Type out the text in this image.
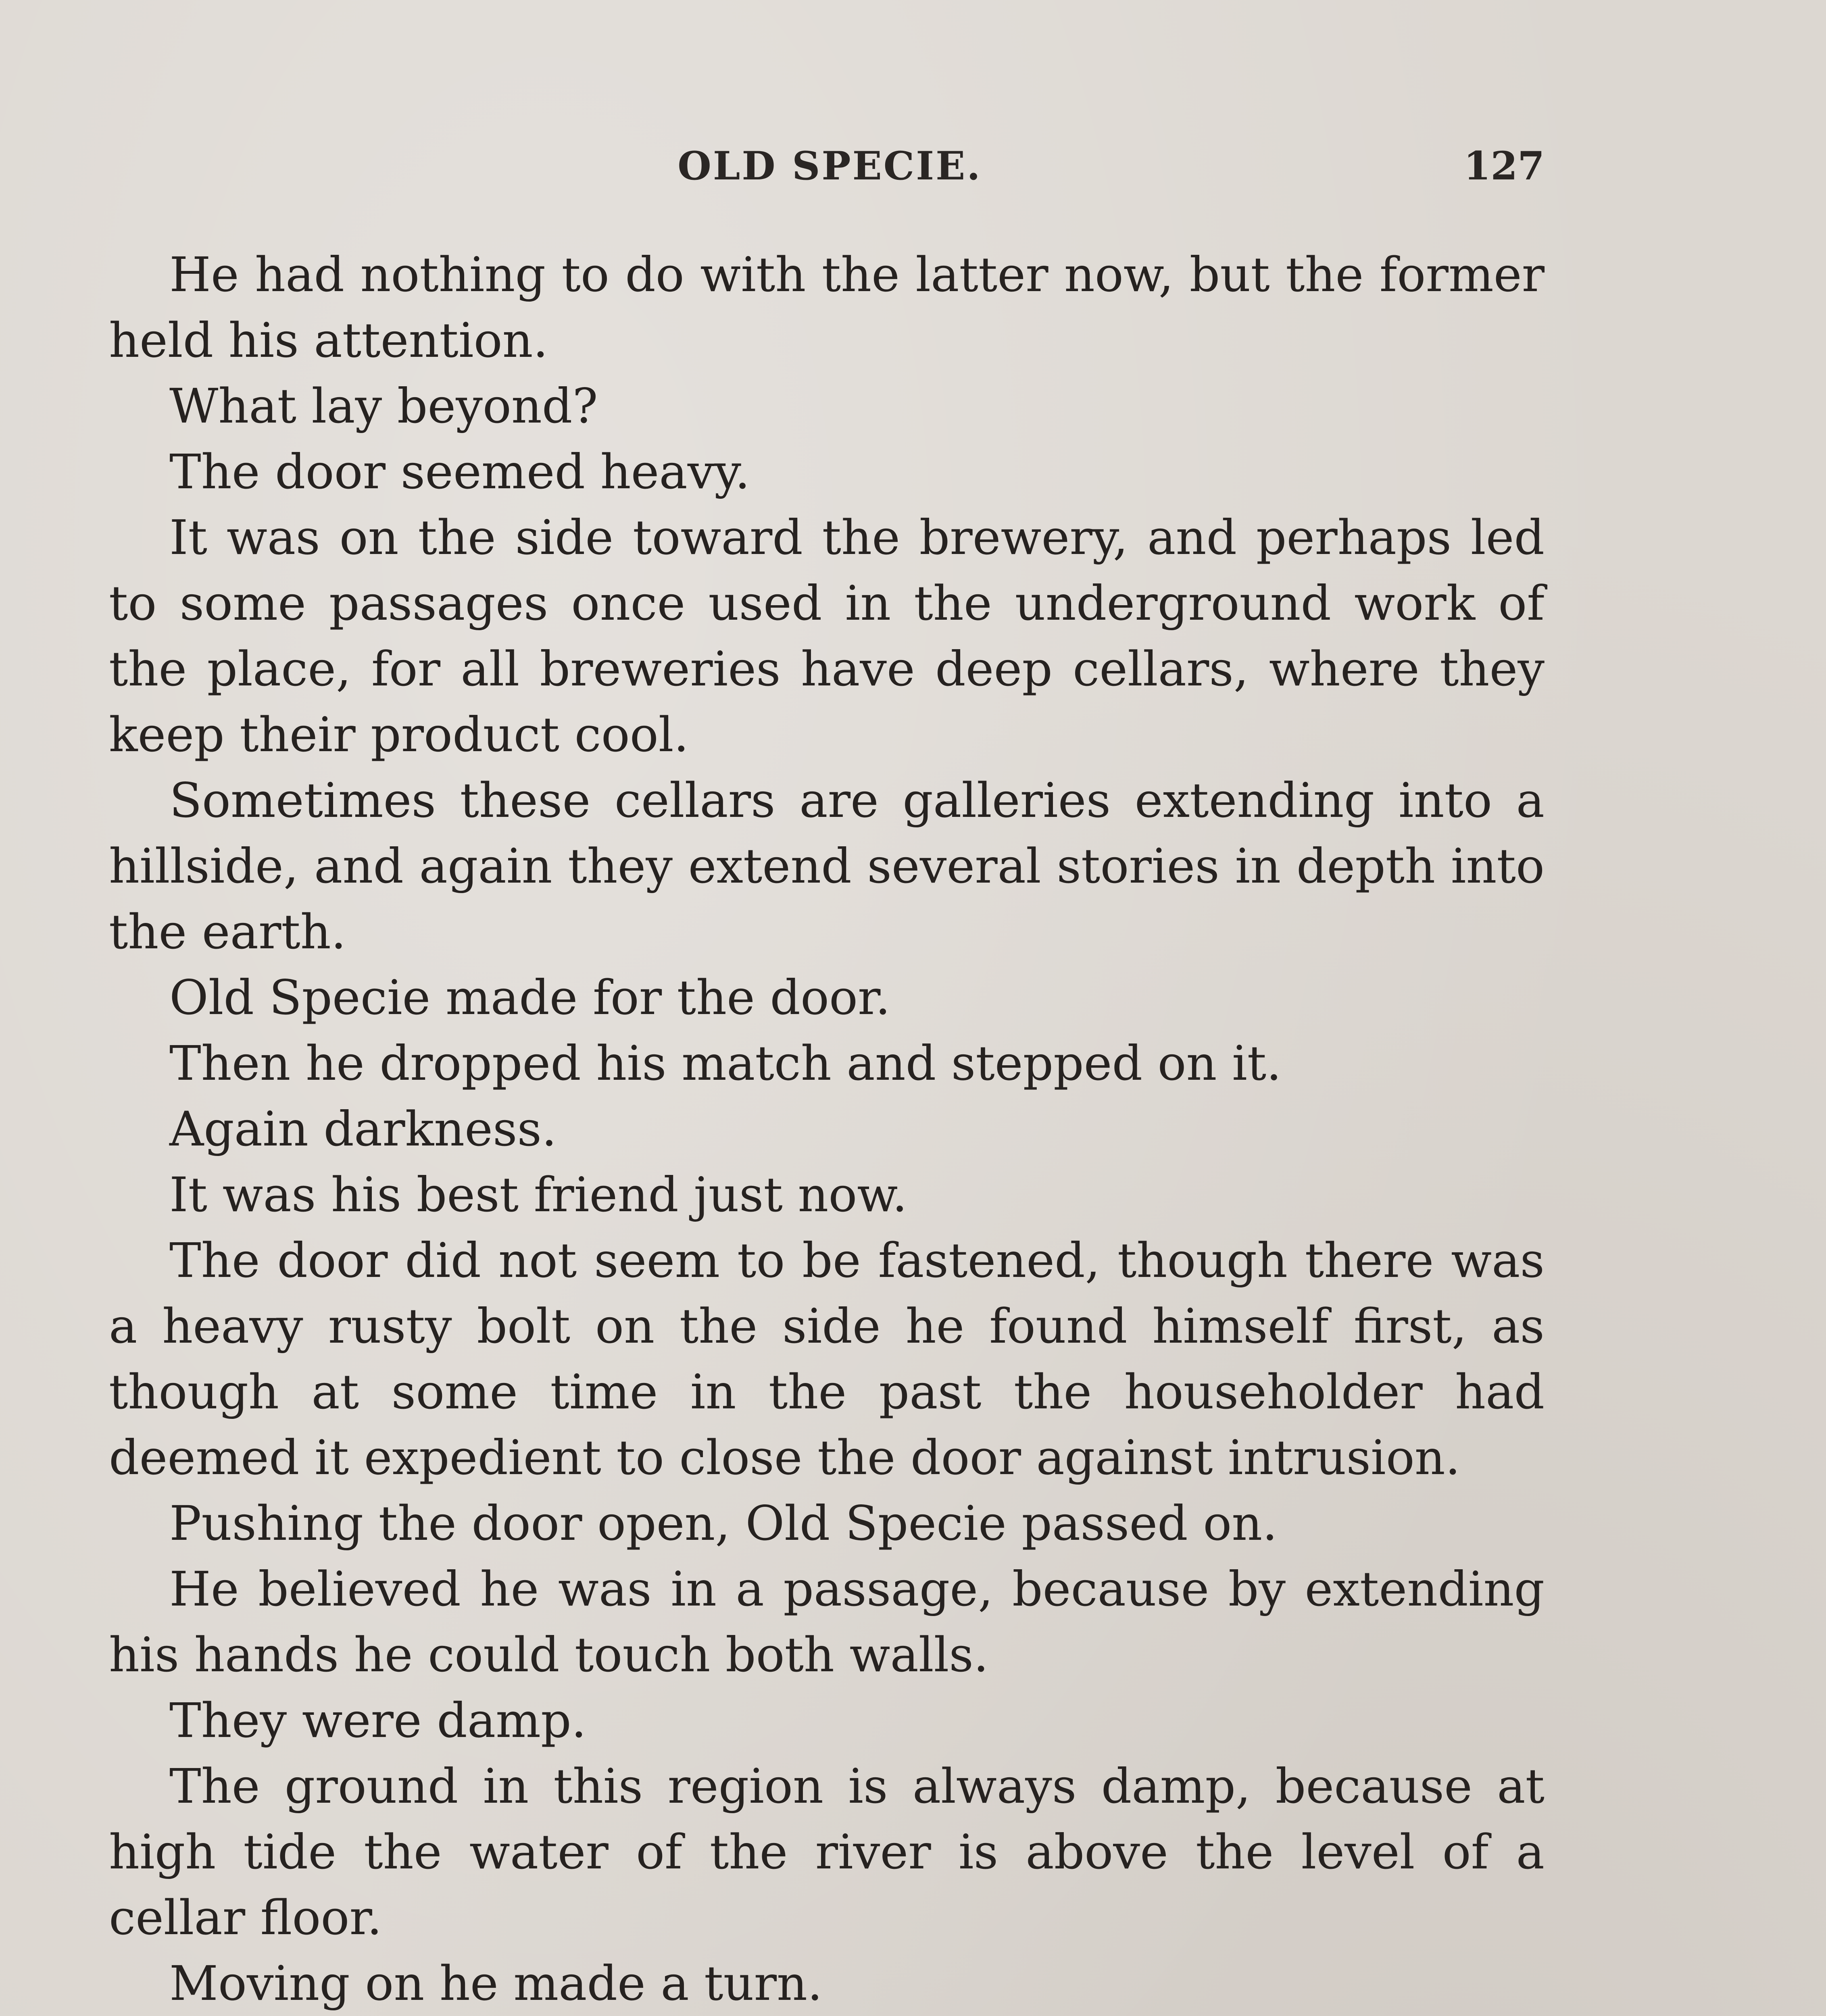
OLD SPECIE.	127

He had nothing to do with the latter now, but the former held his attention.

What lay beyond?

The door seemed heavy.

It was on the side toward the brewery, and perhaps led to some passages once used in the underground work of the place, for all breweries have deep cellars, where they keep their product cool.

Sometimes these cellars are galleries extending into a hillside, and again they extend several stories in depth into the earth.

Old Specie made for the door.

Then he dropped his match and stepped on it.

Again darkness.

It was his best friend just now.

The door did not seem to be fastened, though there was a heavy rusty bolt on the side he found himself first, as though at some time in the past the householder had deemed it expedient to close the door against intrusion.

Pushing the door open, Old Specie passed on.

He believed he was in a passage, because by extending his hands he could touch both walls.

They were damp.

The ground in this region is always damp, because at high tide the water of the river is above the level of a cellar floor.

Moving on he made a turn.
